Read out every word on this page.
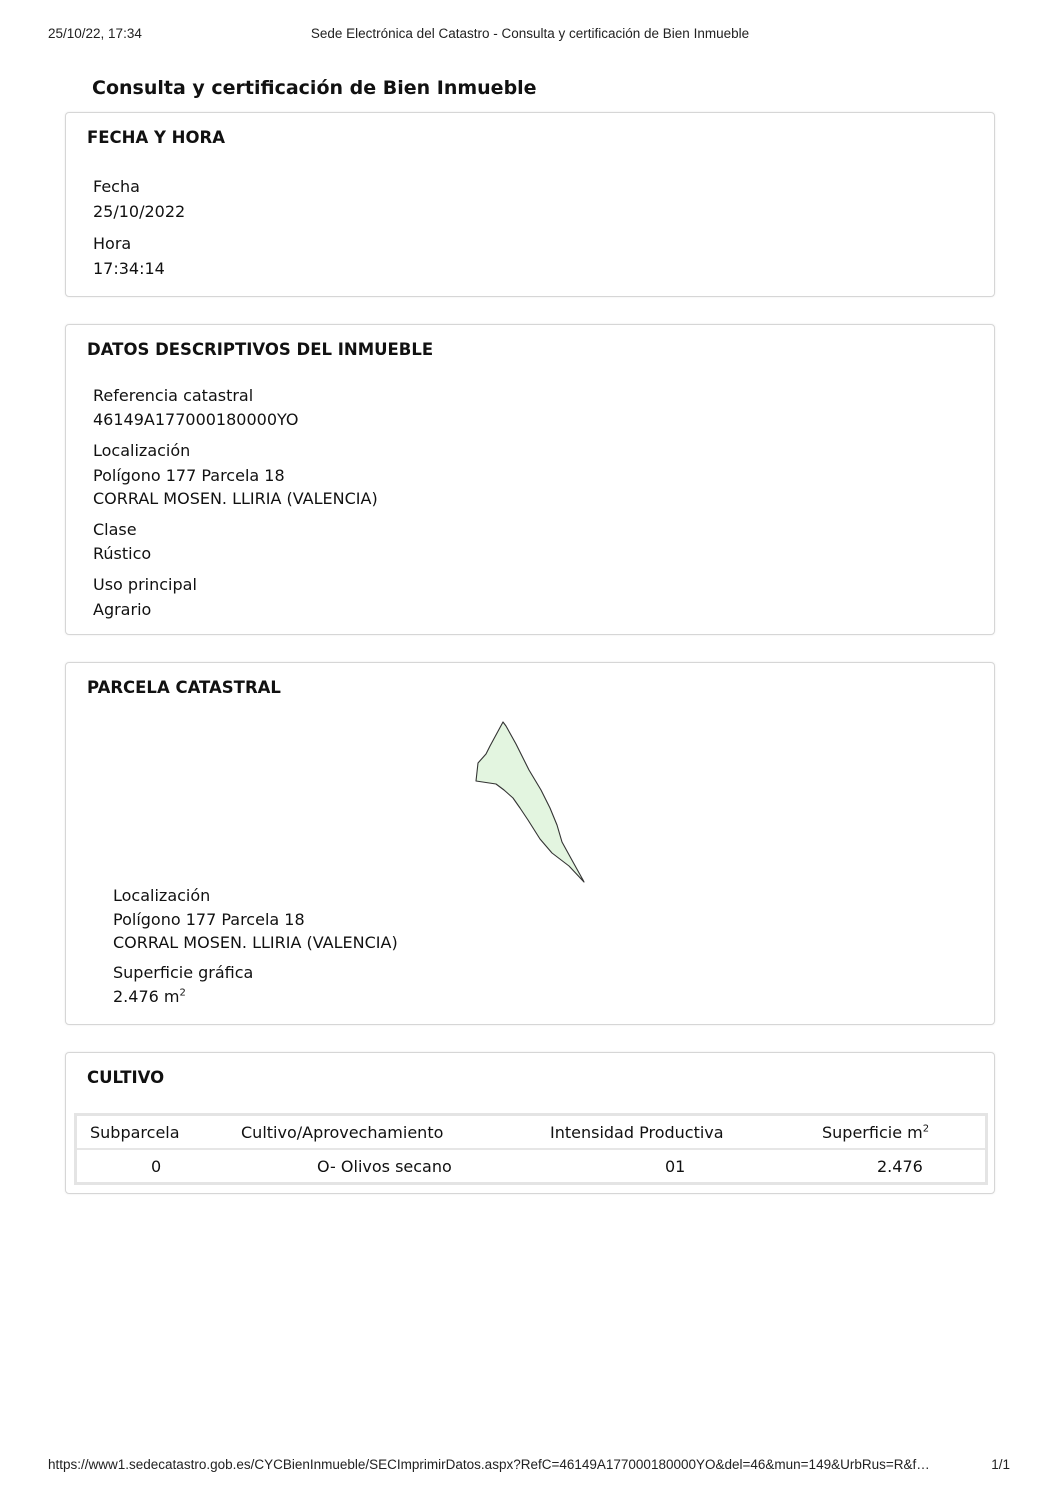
25/10/22, 17:34	Sede Electrónica del Catastro - Consulta y certificación de Bien Inmueble
Consulta y certificación de Bien Inmueble
FECHA Y HORA
Fecha
25/10/2022
Hora
17:34:14
DATOS DESCRIPTIVOS DEL INMUEBLE
Referencia catastral
46149A177000180000YO
Localización
Polígono 177 Parcela 18
CORRAL MOSEN. LLIRIA (VALENCIA)
Clase
Rústico
Uso principal
Agrario
PARCELA CATASTRAL
Localización
Polígono 177 Parcela 18
CORRAL MOSEN. LLIRIA (VALENCIA)
Superficie gráfica
2.476 $m^2$
CULTIVO
Subparcela	Cultivo/Aprovechamiento	Intensidad Productiva	Superficie $m^2$
0	O- Olivos secano	01	2.476
https://www1.sedecatastro.gob.es/CYCBienInmueble/SECImprimirDatos.aspx?RefC=46149A177000180000YO&del=46&mun=149&UrbRus=R&f…	1/1
